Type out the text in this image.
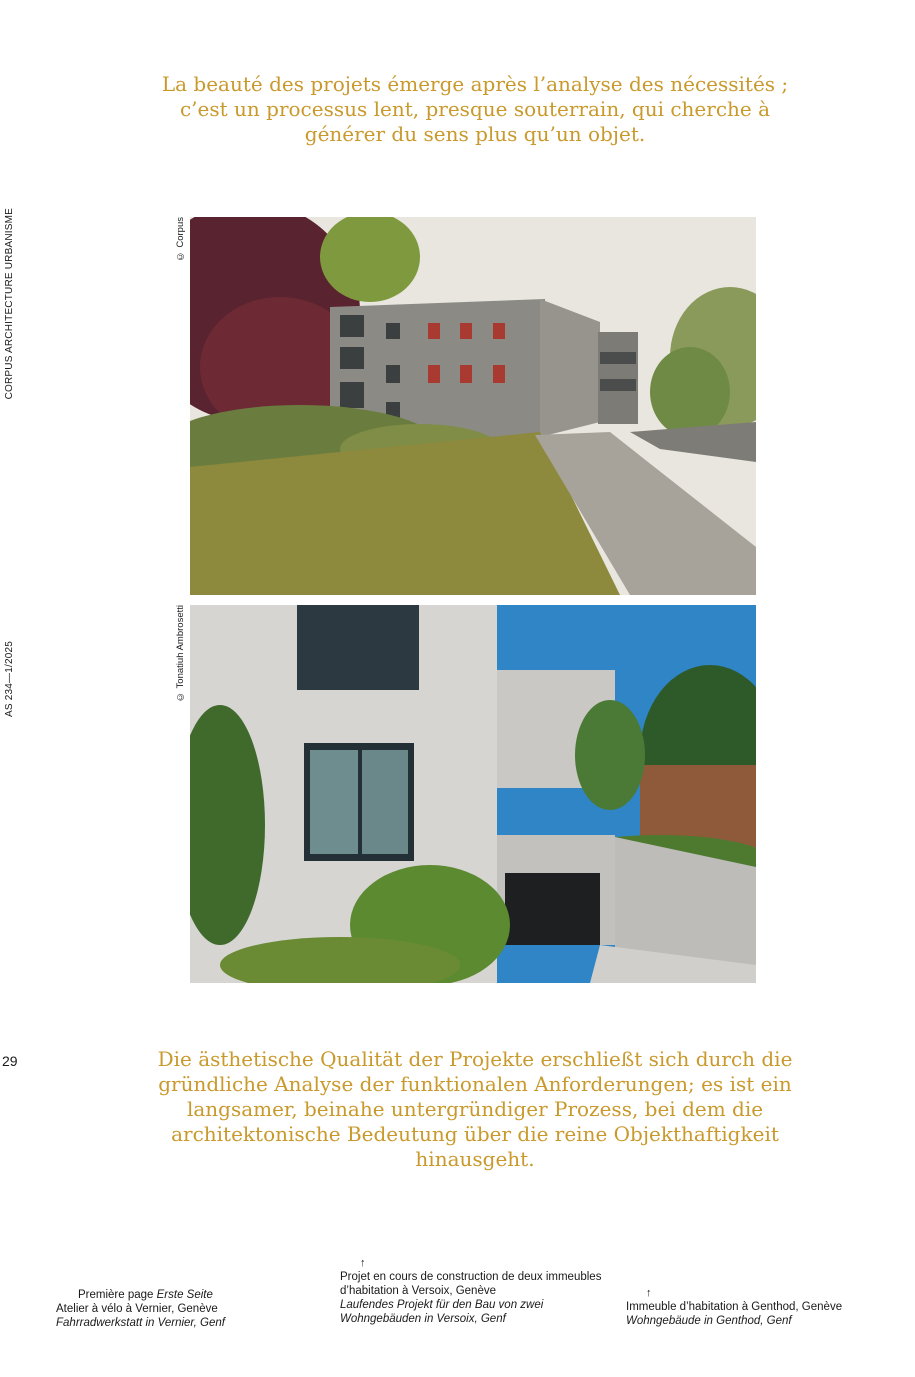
La beauté des projets émerge après l’analyse des nécessités ; c’est un processus lent, presque souterrain, qui cherche à générer du sens plus qu’un objet.

CORPUS ARCHITECTURE URBANISME
AS 234—1/2025
© Corpus
© Tonatiuh Ambrosetti
29	Die ästhetische Qualität der Projekte erschließt sich durch die gründliche Analyse der funktionalen Anforderungen; es ist ein langsamer, beinahe untergründiger Prozess, bei dem die architektonische Bedeutung über die reine Objekthaftigkeit hinausgeht.

Première page Erste Seite
Atelier à vélo à Vernier, Genève
Fahrradwerkstatt in Vernier, Genf
↑
Projet en cours de construction de deux immeubles d’habitation à Versoix, Genève
Laufendes Projekt für den Bau von zwei Wohngebäuden in Versoix, Genf
↑
Immeuble d’habitation à Genthod, Genève
Wohngebäude in Genthod, Genf
